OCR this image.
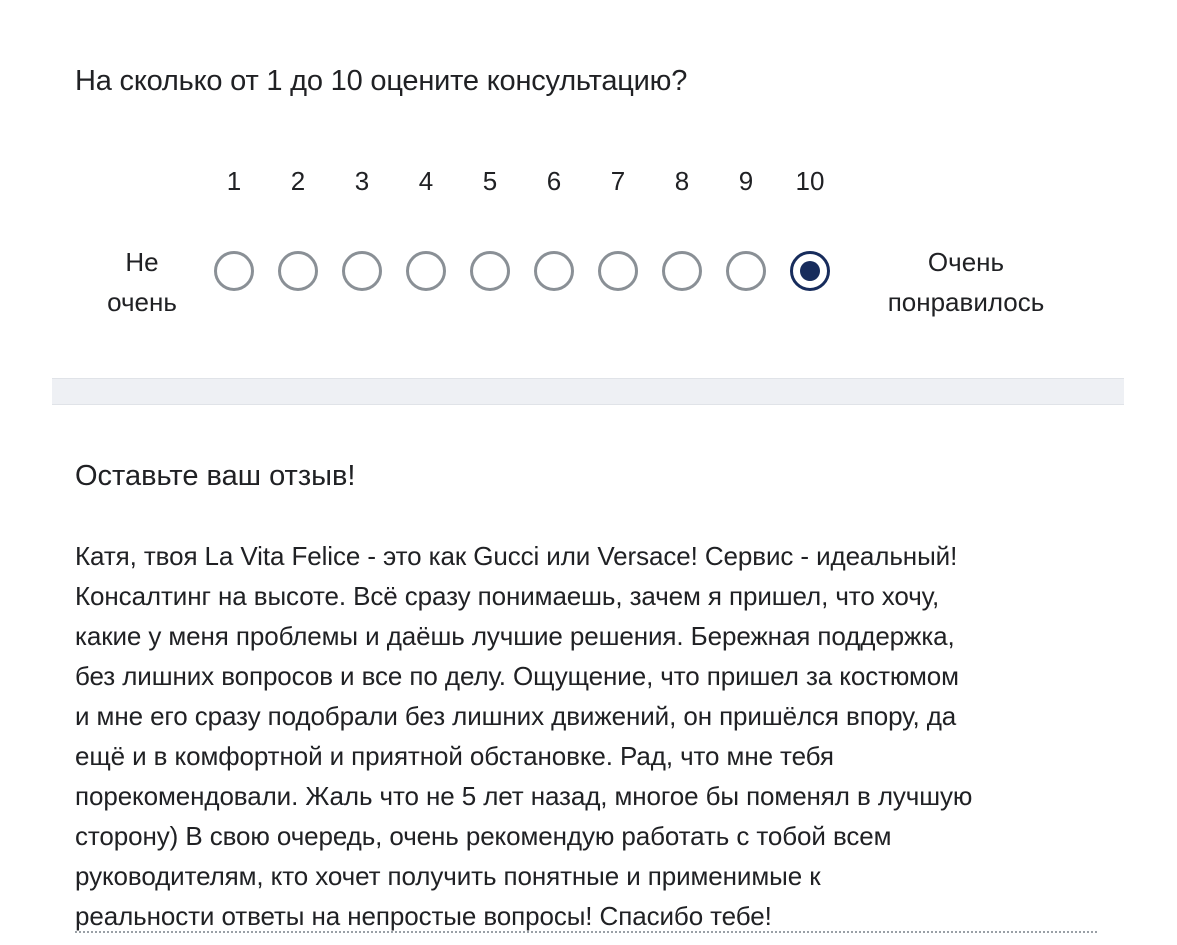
На сколько от 1 до 10 оцените консультацию?
1	2	3	4	5	6	7	8	9	10
Не
очень
Очень
понравилось
Оставьте ваш отзыв!
Катя, твоя La Vita Felice - это как Gucci или Versace! Сервис - идеальный!
Консалтинг на высоте. Всё сразу понимаешь, зачем я пришел, что хочу,
какие у меня проблемы и даёшь лучшие решения. Бережная поддержка,
без лишних вопросов и все по делу. Ощущение, что пришел за костюмом
и мне его сразу подобрали без лишних движений, он пришёлся впору, да
ещё и в комфортной и приятной обстановке. Рад, что мне тебя
порекомендовали. Жаль что не 5 лет назад, многое бы поменял в лучшую
сторону) В свою очередь, очень рекомендую работать с тобой всем
руководителям, кто хочет получить понятные и применимые к
реальности ответы на непростые вопросы! Спасибо тебе!
